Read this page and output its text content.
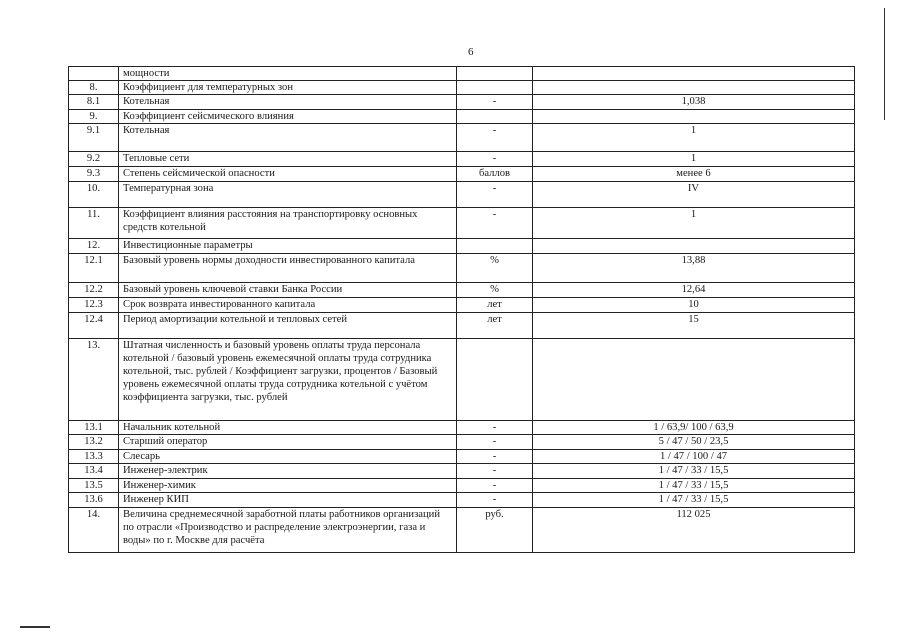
6
	мощности		
8.	Коэффициент для температурных зон		
8.1	Котельная	-	1,038
9.	Коэффициент сейсмического влияния		
9.1	Котельная	-	1
9.2	Тепловые сети	-	1
9.3	Степень сейсмической опасности	баллов	менее 6
10.	Температурная зона	-	IV
11.	Коэффициент влияния расстояния на транспортировку основных средств котельной	-	1
12.	Инвестиционные параметры		
12.1	Базовый уровень нормы доходности инвестированного капитала	%	13,88
12.2	Базовый уровень ключевой ставки Банка России	%	12,64
12.3	Срок возврата инвестированного капитала	лет	10
12.4	Период амортизации котельной и тепловых сетей	лет	15
13.	Штатная численность и базовый уровень оплаты труда персонала котельной / базовый уровень ежемесячной оплаты труда сотрудника котельной, тыс. рублей / Коэффициент загрузки, процентов / Базовый уровень ежемесячной оплаты труда сотрудника котельной с учётом коэффициента загрузки, тыс. рублей		
13.1	Начальник котельной	-	1 / 63,9/ 100 / 63,9
13.2	Старший оператор	-	5 / 47 / 50 / 23,5
13.3	Слесарь	-	1 / 47 / 100 / 47
13.4	Инженер-электрик	-	1 / 47 / 33 / 15,5
13.5	Инженер-химик	-	1 / 47 / 33 / 15,5
13.6	Инженер КИП	-	1 / 47 / 33 / 15,5
14.	Величина среднемесячной заработной платы работников организаций по отрасли «Производство и распределение электроэнергии, газа и воды» по г. Москве для расчёта	руб.	112 025
